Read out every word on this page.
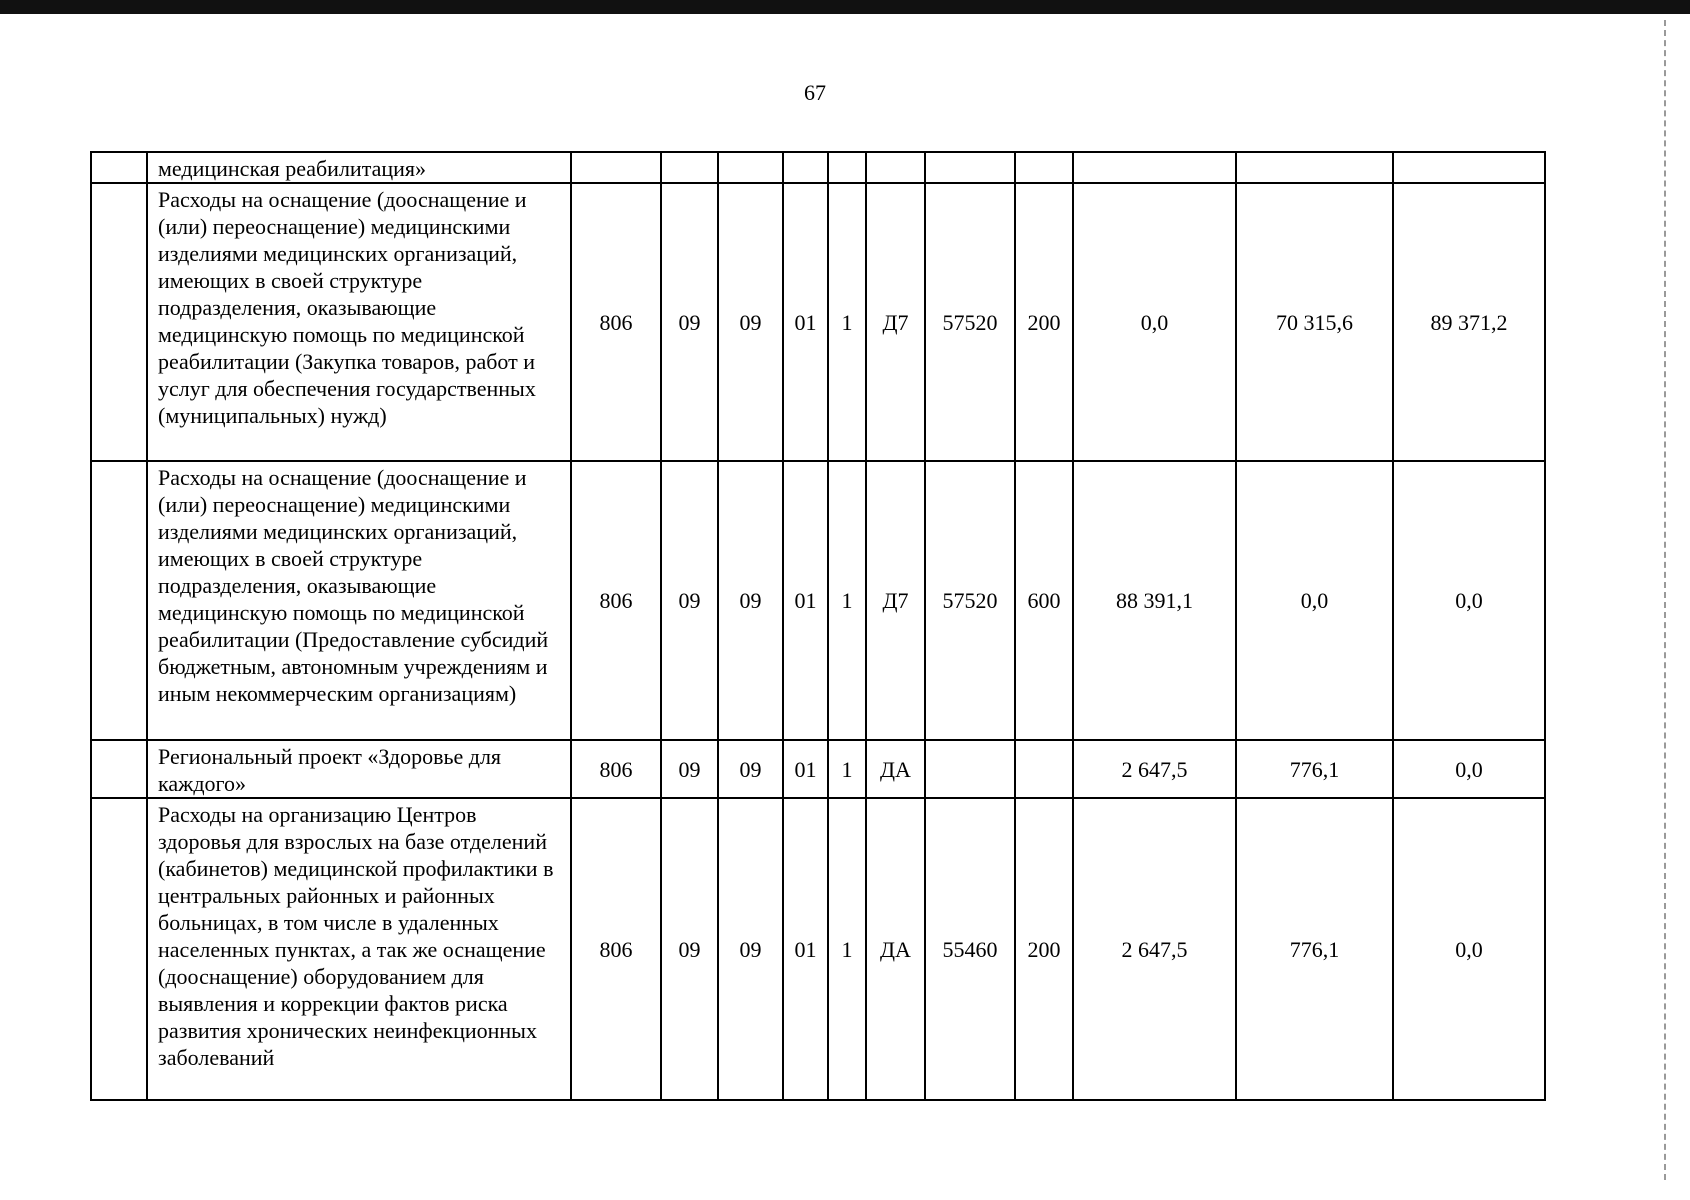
67
	медицинская реабилитация»											
	Расходы на оснащение (дооснащение и (или) переоснащение) медицинскими изделиями медицинских организаций, имеющих в своей структуре подразделения, оказывающие медицинскую помощь по медицинской реабилитации (Закупка товаров, работ и услуг для обеспечения государственных (муниципальных) нужд)	806	09	09	01	1	Д7	57520	200	0,0	70 315,6	89 371,2
	Расходы на оснащение (дооснащение и (или) переоснащение) медицинскими изделиями медицинских организаций, имеющих в своей структуре подразделения, оказывающие медицинскую помощь по медицинской реабилитации (Предоставление субсидий бюджетным, автономным учреждениям и иным некоммерческим организациям)	806	09	09	01	1	Д7	57520	600	88 391,1	0,0	0,0
	Региональный проект «Здоровье для каждого»	806	09	09	01	1	ДА			2 647,5	776,1	0,0
	Расходы на организацию Центров здоровья для взрослых на базе отделений (кабинетов) медицинской профилактики в центральных районных и районных больницах, в том числе в удаленных населенных пунктах, а так же оснащение (дооснащение) оборудованием для выявления и коррекции фактов риска развития хронических неинфекционных заболеваний	806	09	09	01	1	ДА	55460	200	2 647,5	776,1	0,0
